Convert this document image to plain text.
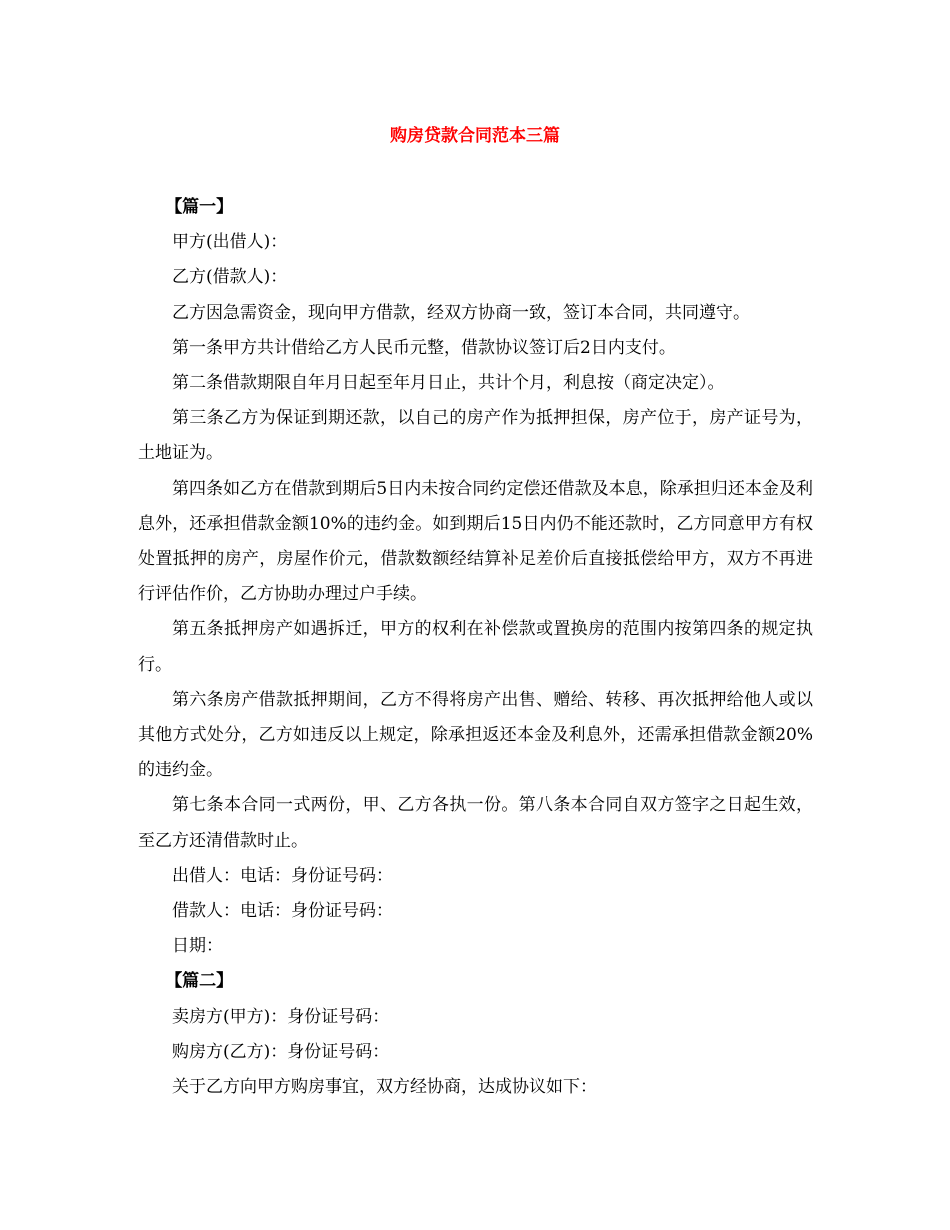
购房贷款合同范本三篇

【篇一】

甲方(出借人)：

乙方(借款人)：

乙方因急需资金，现向甲方借款，经双方协商一致，签订本合同，共同遵守。

第一条甲方共计借给乙方人民币元整，借款协议签订后2日内支付。

第二条借款期限自年月日起至年月日止，共计个月，利息按（商定决定）。

第三条乙方为保证到期还款，以自己的房产作为抵押担保，房产位于，房产证号为，土地证为。

第四条如乙方在借款到期后5日内未按合同约定偿还借款及本息，除承担归还本金及利息外，还承担借款金额10%的违约金。如到期后15日内仍不能还款时，乙方同意甲方有权处置抵押的房产，房屋作价元，借款数额经结算补足差价后直接抵偿给甲方，双方不再进行评估作价，乙方协助办理过户手续。

第五条抵押房产如遇拆迁，甲方的权利在补偿款或置换房的范围内按第四条的规定执行。

第六条房产借款抵押期间，乙方不得将房产出售、赠给、转移、再次抵押给他人或以其他方式处分，乙方如违反以上规定，除承担返还本金及利息外，还需承担借款金额20%的违约金。

第七条本合同一式两份，甲、乙方各执一份。第八条本合同自双方签字之日起生效，至乙方还清借款时止。

出借人：电话：身份证号码：

借款人：电话：身份证号码：

日期：

【篇二】

卖房方(甲方)：身份证号码：

购房方(乙方)：身份证号码：

关于乙方向甲方购房事宜，双方经协商，达成协议如下：
